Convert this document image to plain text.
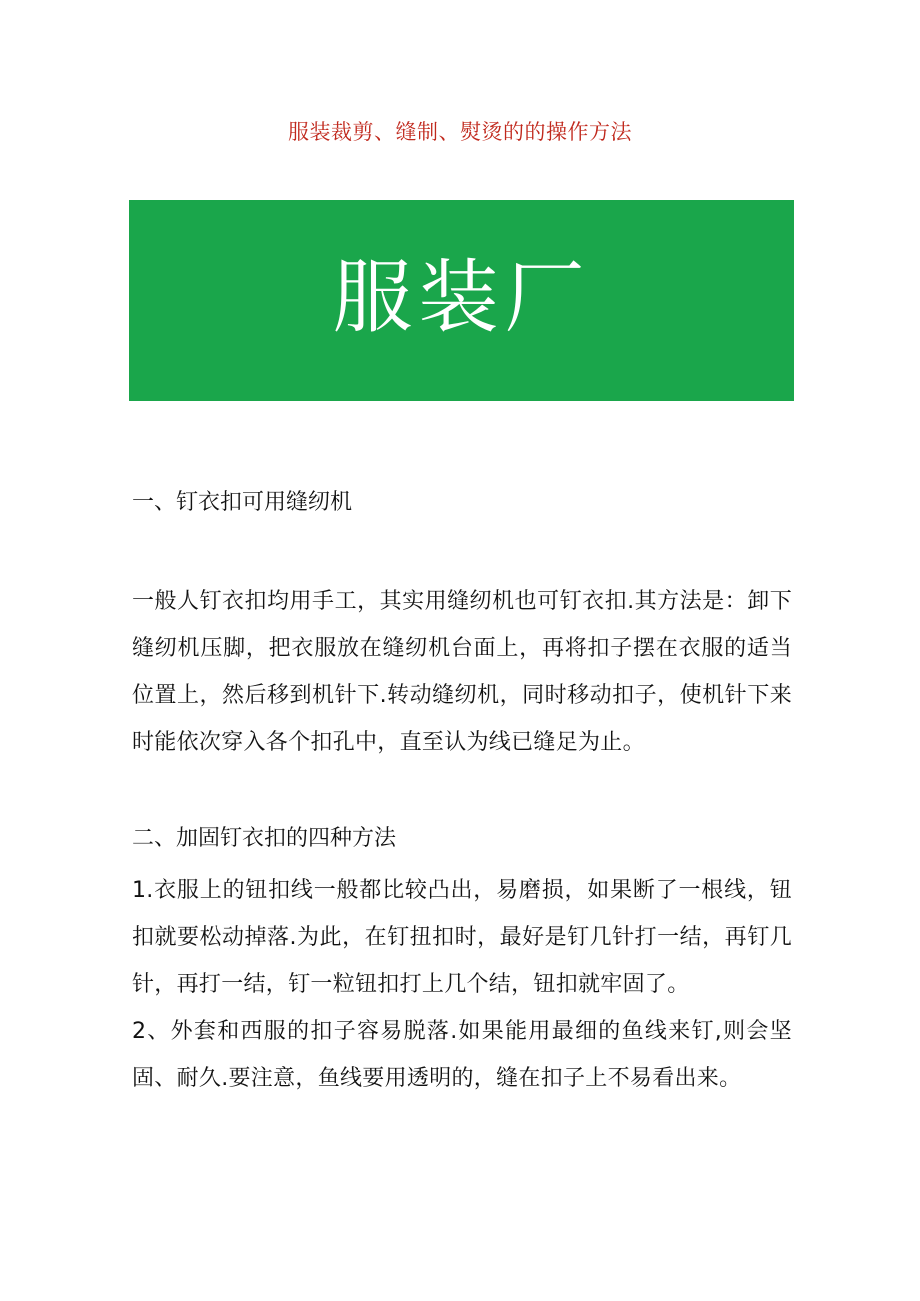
服装裁剪、缝制、熨烫的的操作方法
服装厂
一、钉衣扣可用缝纫机

一般人钉衣扣均用手工，其实用缝纫机也可钉衣扣.其方法是：卸下缝纫机压脚，把衣服放在缝纫机台面上，再将扣子摆在衣服的适当位置上，然后移到机针下.转动缝纫机，同时移动扣子，使机针下来时能依次穿入各个扣孔中，直至认为线已缝足为止。

二、加固钉衣扣的四种方法

1.衣服上的钮扣线一般都比较凸出，易磨损，如果断了一根线，钮扣就要松动掉落.为此，在钉扭扣时，最好是钉几针打一结，再钉几针，再打一结，钉一粒钮扣打上几个结，钮扣就牢固了。

2、外套和西服的扣子容易脱落.如果能用最细的鱼线来钉,则会坚固、耐久.要注意，鱼线要用透明的，缝在扣子上不易看出来。
